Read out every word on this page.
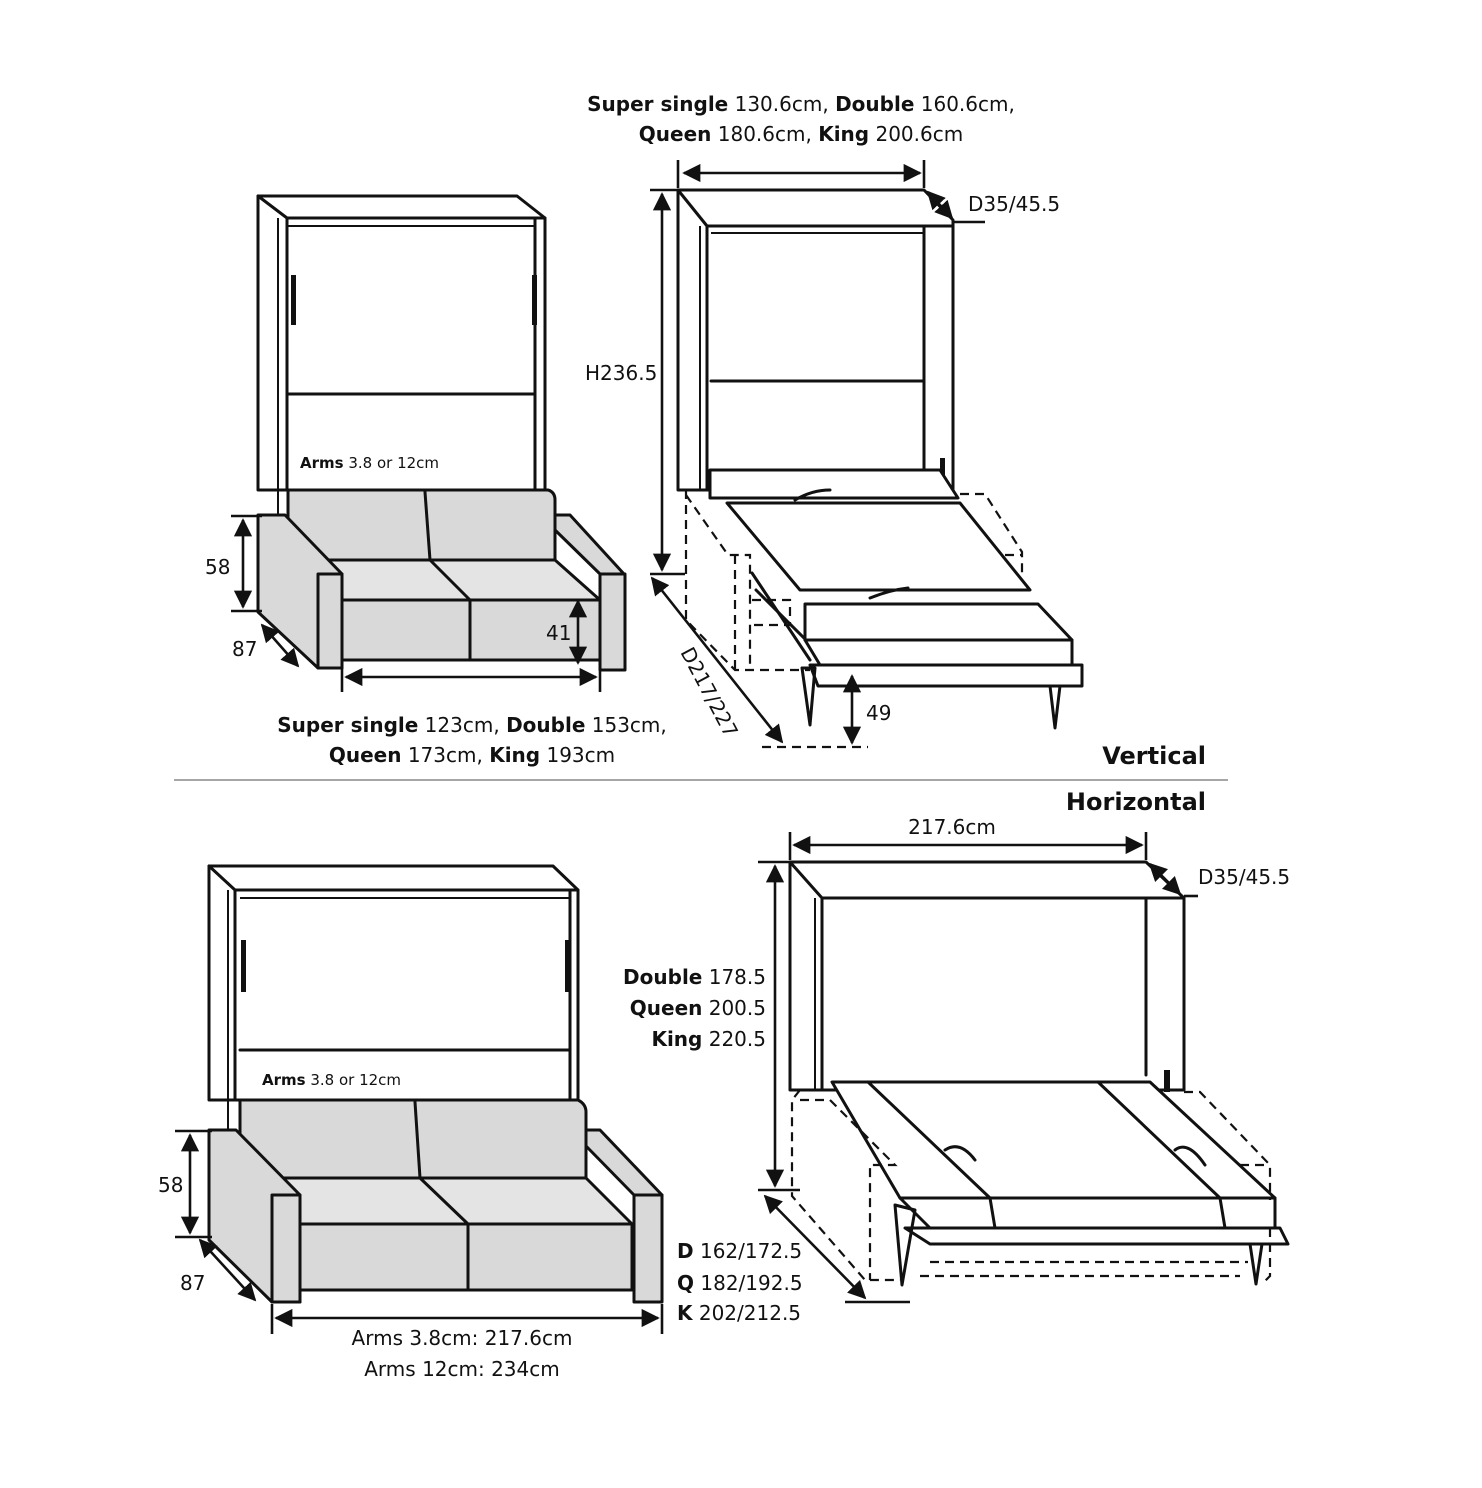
Super single 130.6cm, Double 160.6cm,
Queen 180.6cm, King 200.6cm
D35/45.5
H236.5
Arms 3.8 or 12cm
58
87
41
D217/227	49
Super single 123cm, Double 153cm,
Queen 173cm, King 193cm	Vertical
Horizontal
217.6cm
D35/45.5
Double 178.5
Queen 200.5
King 220.5
Arms 3.8 or 12cm
58
87
D 162/172.5
Q 182/192.5
K 202/212.5
Arms 3.8cm: 217.6cm
Arms 12cm: 234cm
